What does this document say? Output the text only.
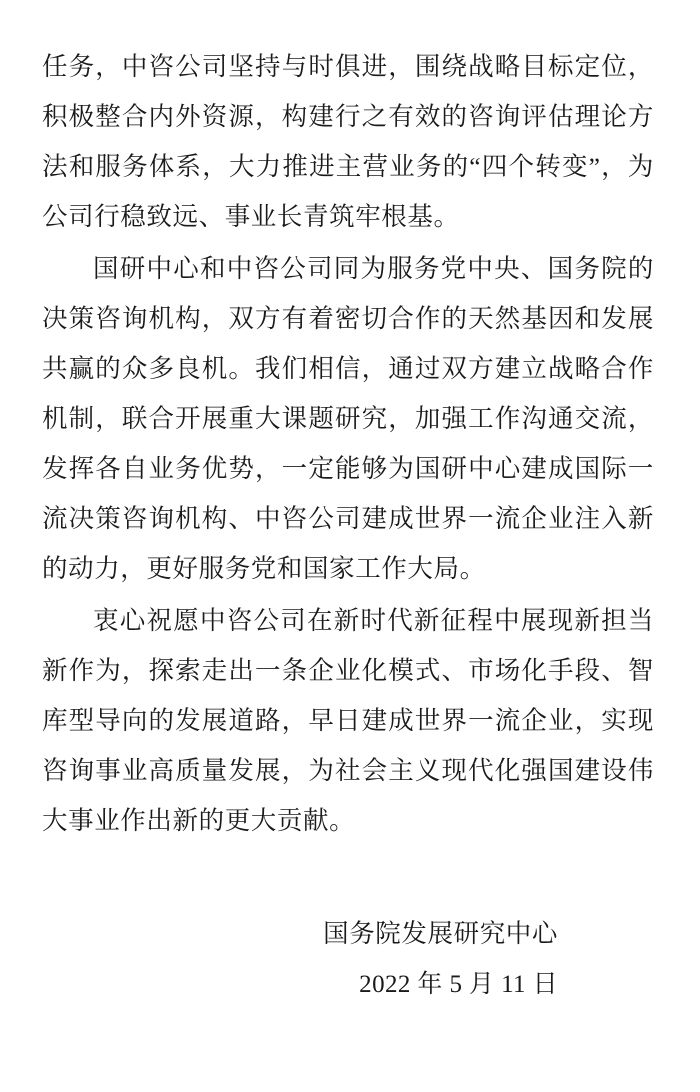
任务，中咨公司坚持与时俱进，围绕战略目标定位，积极整合内外资源，构建行之有效的咨询评估理论方法和服务体系，大力推进主营业务的“四个转变”，为公司行稳致远、事业长青筑牢根基。

国研中心和中咨公司同为服务党中央、国务院的决策咨询机构，双方有着密切合作的天然基因和发展共赢的众多良机。我们相信，通过双方建立战略合作机制，联合开展重大课题研究，加强工作沟通交流，发挥各自业务优势，一定能够为国研中心建成国际一流决策咨询机构、中咨公司建成世界一流企业注入新的动力，更好服务党和国家工作大局。

衷心祝愿中咨公司在新时代新征程中展现新担当新作为，探索走出一条企业化模式、市场化手段、智库型导向的发展道路，早日建成世界一流企业，实现咨询事业高质量发展，为社会主义现代化强国建设伟大事业作出新的更大贡献。

国务院发展研究中心
2022 年 5 月 11 日
